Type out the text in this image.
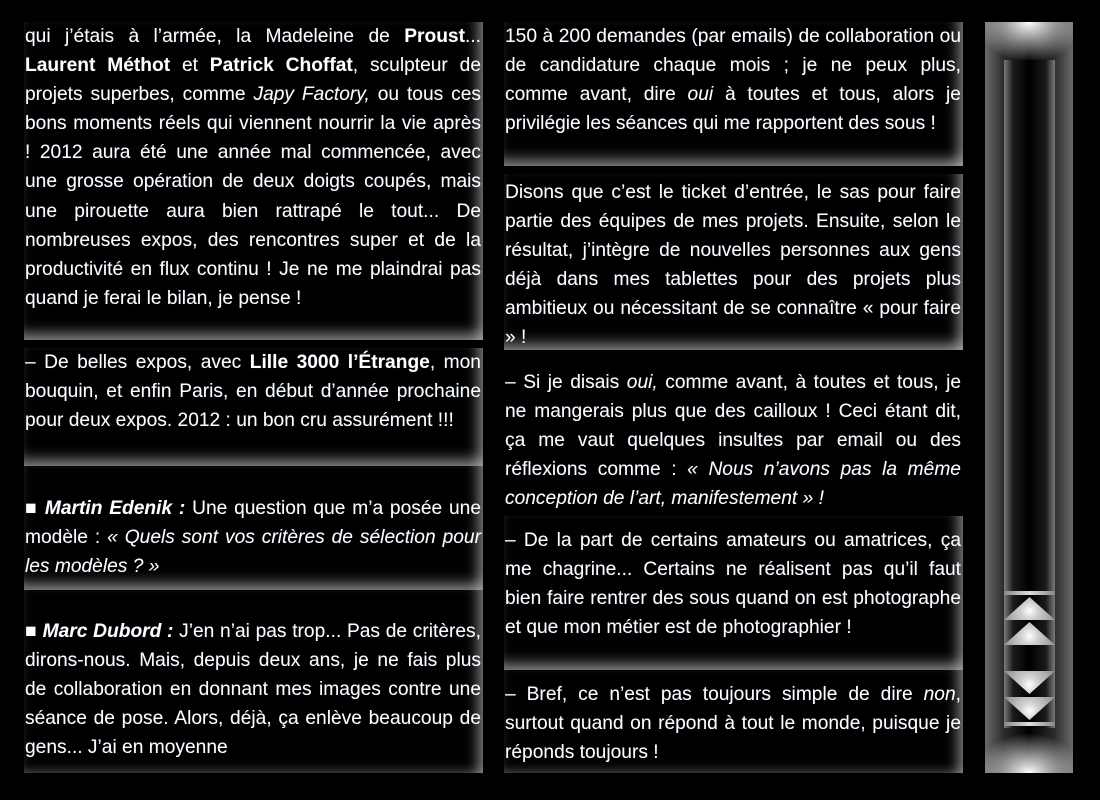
qui j’étais à l’armée, la Madeleine de Proust... Laurent Méthot et Patrick Choffat, sculpteur de projets superbes, comme Japy Factory, ou tous ces bons moments réels qui viennent nourrir la vie après ! 2012 aura été une année mal commencée, avec une grosse opération de deux doigts coupés, mais une pirouette aura bien rattrapé le tout... De nombreuses expos, des rencontres super et de la productivité en flux continu ! Je ne me plaindrai pas quand je ferai le bilan, je pense !
– De belles expos, avec Lille 3000 l’Étrange, mon bouquin, et enfin Paris, en début d’année prochaine pour deux expos. 2012 : un bon cru assurément !!!
■ Martin Edenik : Une question que m’a posée une modèle : « Quels sont vos critères de sélection pour les modèles ? »
■ Marc Dubord : J’en n’ai pas trop... Pas de critères, dirons-nous. Mais, depuis deux ans, je ne fais plus de collaboration en donnant mes images contre une séance de pose. Alors, déjà, ça enlève beaucoup de gens... J’ai en moyenne
150 à 200 demandes (par emails) de collaboration ou de candidature chaque mois ; je ne peux plus, comme avant, dire oui à toutes et tous, alors je privilégie les séances qui me rapportent des sous !
Disons que c’est le ticket d’entrée, le sas pour faire partie des équipes de mes projets. Ensuite, selon le résultat, j’intègre de nouvelles personnes aux gens déjà dans mes tablettes pour des projets plus ambitieux ou nécessitant de se connaître « pour faire » !
– Si je disais oui, comme avant, à toutes et tous, je ne mangerais plus que des cailloux ! Ceci étant dit, ça me vaut quelques insultes par email ou des réflexions comme : « Nous n’avons pas la même conception de l’art, manifestement » !
– De la part de certains amateurs ou amatrices, ça me chagrine... Certains ne réalisent pas qu’il faut bien faire rentrer des sous quand on est photographe et que mon métier est de photographier !
– Bref, ce n’est pas toujours simple de dire non, surtout quand on répond à tout le monde, puisque je réponds toujours !
